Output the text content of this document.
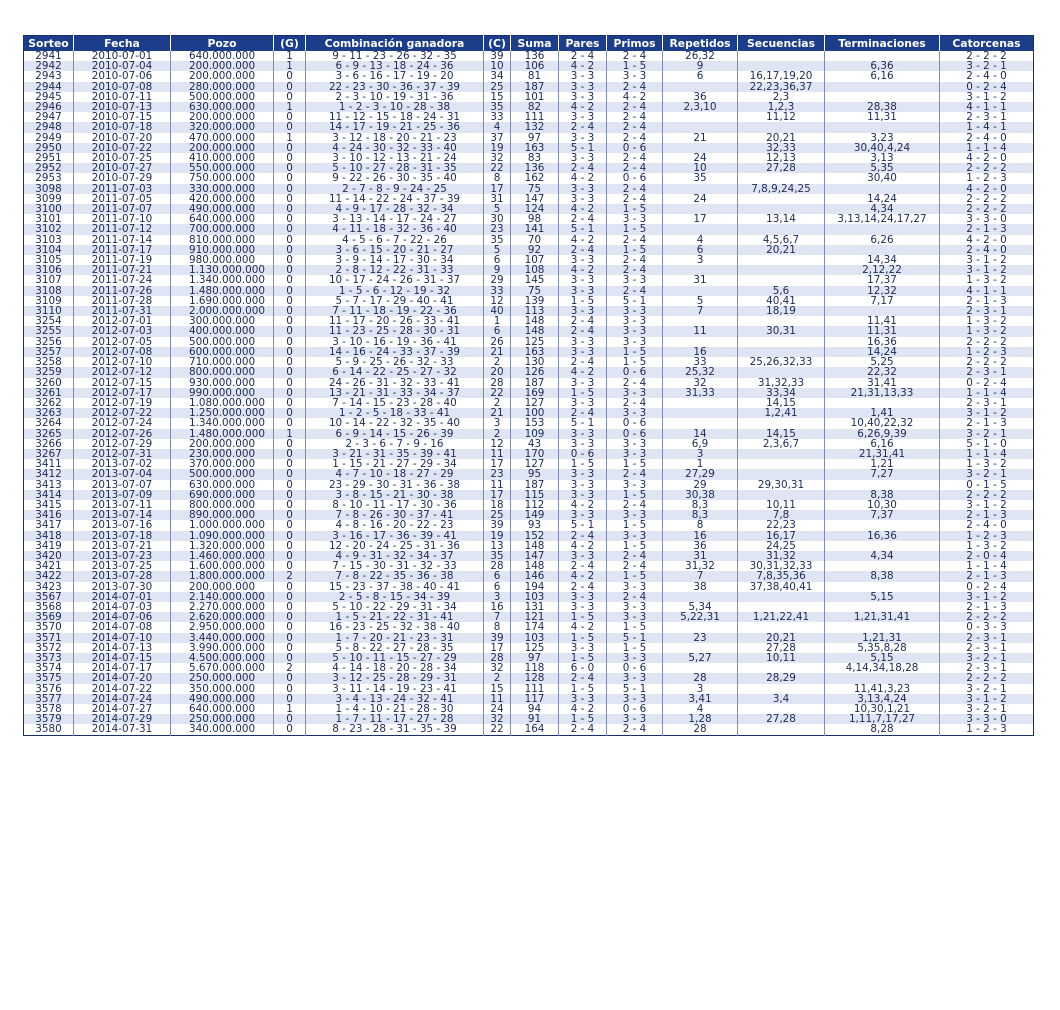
Sorteo	Fecha	Pozo	(G)	Combinación ganadora	(C)	Suma	Pares	Primos	Repetidos	Secuencias	Terminaciones	Catorcenas
2941	2010-07-01	640.000.000	1	9 - 11 - 23 - 26 - 32 - 35	39	136	2 - 4	2 - 4	26,32			2 - 2 - 2
2942	2010-07-04	200.000.000	1	6 - 9 - 13 - 18 - 24 - 36	10	106	4 - 2	1 - 5	9		6,36	3 - 2 - 1
2943	2010-07-06	200.000.000	0	3 - 6 - 16 - 17 - 19 - 20	34	81	3 - 3	3 - 3	6	16,17,19,20	6,16	2 - 4 - 0
2944	2010-07-08	280.000.000	0	22 - 23 - 30 - 36 - 37 - 39	25	187	3 - 3	2 - 4		22,23,36,37		0 - 2 - 4
2945	2010-07-11	500.000.000	0	2 - 3 - 10 - 19 - 31 - 36	15	101	3 - 3	4 - 2	36	2,3		3 - 1 - 2
2946	2010-07-13	630.000.000	1	1 - 2 - 3 - 10 - 28 - 38	35	82	4 - 2	2 - 4	2,3,10	1,2,3	28,38	4 - 1 - 1
2947	2010-07-15	200.000.000	0	11 - 12 - 15 - 18 - 24 - 31	33	111	3 - 3	2 - 4		11,12	11,31	2 - 3 - 1
2948	2010-07-18	320.000.000	0	14 - 17 - 19 - 21 - 25 - 36	4	132	2 - 4	2 - 4				1 - 4 - 1
2949	2010-07-20	470.000.000	1	3 - 12 - 18 - 20 - 21 - 23	37	97	3 - 3	2 - 4	21	20,21	3,23	2 - 4 - 0
2950	2010-07-22	200.000.000	0	4 - 24 - 30 - 32 - 33 - 40	19	163	5 - 1	0 - 6		32,33	30,40,4,24	1 - 1 - 4
2951	2010-07-25	410.000.000	0	3 - 10 - 12 - 13 - 21 - 24	32	83	3 - 3	2 - 4	24	12,13	3,13	4 - 2 - 0
2952	2010-07-27	550.000.000	0	5 - 10 - 27 - 28 - 31 - 35	22	136	2 - 4	2 - 4	10	27,28	5,35	2 - 2 - 2
2953	2010-07-29	750.000.000	0	9 - 22 - 26 - 30 - 35 - 40	8	162	4 - 2	0 - 6	35		30,40	1 - 2 - 3
3098	2011-07-03	330.000.000	0	2 - 7 - 8 - 9 - 24 - 25	17	75	3 - 3	2 - 4		7,8,9,24,25		4 - 2 - 0
3099	2011-07-05	420.000.000	0	11 - 14 - 22 - 24 - 37 - 39	31	147	3 - 3	2 - 4	24		14,24	2 - 2 - 2
3100	2011-07-07	490.000.000	0	4 - 9 - 17 - 28 - 32 - 34	5	124	4 - 2	1 - 5			4,34	2 - 2 - 2
3101	2011-07-10	640.000.000	0	3 - 13 - 14 - 17 - 24 - 27	30	98	2 - 4	3 - 3	17	13,14	3,13,14,24,17,27	3 - 3 - 0
3102	2011-07-12	700.000.000	0	4 - 11 - 18 - 32 - 36 - 40	23	141	5 - 1	1 - 5				2 - 1 - 3
3103	2011-07-14	810.000.000	0	4 - 5 - 6 - 7 - 22 - 26	35	70	4 - 2	2 - 4	4	4,5,6,7	6,26	4 - 2 - 0
3104	2011-07-17	910.000.000	0	3 - 6 - 15 - 20 - 21 - 27	5	92	2 - 4	1 - 5	6	20,21		2 - 4 - 0
3105	2011-07-19	980.000.000	0	3 - 9 - 14 - 17 - 30 - 34	6	107	3 - 3	2 - 4	3		14,34	3 - 1 - 2
3106	2011-07-21	1.130.000.000	0	2 - 8 - 12 - 22 - 31 - 33	9	108	4 - 2	2 - 4			2,12,22	3 - 1 - 2
3107	2011-07-24	1.340.000.000	0	10 - 17 - 24 - 26 - 31 - 37	29	145	3 - 3	3 - 3	31		17,37	1 - 3 - 2
3108	2011-07-26	1.480.000.000	0	1 - 5 - 6 - 12 - 19 - 32	33	75	3 - 3	2 - 4		5,6	12,32	4 - 1 - 1
3109	2011-07-28	1.690.000.000	0	5 - 7 - 17 - 29 - 40 - 41	12	139	1 - 5	5 - 1	5	40,41	7,17	2 - 1 - 3
3110	2011-07-31	2.000.000.000	0	7 - 11 - 18 - 19 - 22 - 36	40	113	3 - 3	3 - 3	7	18,19		2 - 3 - 1
3254	2012-07-01	300.000.000	0	11 - 17 - 20 - 26 - 33 - 41	1	148	2 - 4	3 - 3			11,41	1 - 3 - 2
3255	2012-07-03	400.000.000	0	11 - 23 - 25 - 28 - 30 - 31	6	148	2 - 4	3 - 3	11	30,31	11,31	1 - 3 - 2
3256	2012-07-05	500.000.000	0	3 - 10 - 16 - 19 - 36 - 41	26	125	3 - 3	3 - 3			16,36	2 - 2 - 2
3257	2012-07-08	600.000.000	0	14 - 16 - 24 - 33 - 37 - 39	21	163	3 - 3	1 - 5	16		14,24	1 - 2 - 3
3258	2012-07-10	710.000.000	0	5 - 9 - 25 - 26 - 32 - 33	2	130	2 - 4	1 - 5	33	25,26,32,33	5,25	2 - 2 - 2
3259	2012-07-12	800.000.000	0	6 - 14 - 22 - 25 - 27 - 32	20	126	4 - 2	0 - 6	25,32		22,32	2 - 3 - 1
3260	2012-07-15	930.000.000	0	24 - 26 - 31 - 32 - 33 - 41	28	187	3 - 3	2 - 4	32	31,32,33	31,41	0 - 2 - 4
3261	2012-07-17	990.000.000	0	13 - 21 - 31 - 33 - 34 - 37	22	169	1 - 5	3 - 3	31,33	33,34	21,31,13,33	1 - 1 - 4
3262	2012-07-19	1.080.000.000	0	7 - 14 - 15 - 23 - 28 - 40	2	127	3 - 3	2 - 4		14,15		2 - 3 - 1
3263	2012-07-22	1.250.000.000	0	1 - 2 - 5 - 18 - 33 - 41	21	100	2 - 4	3 - 3		1,2,41	1,41	3 - 1 - 2
3264	2012-07-24	1.340.000.000	0	10 - 14 - 22 - 32 - 35 - 40	3	153	5 - 1	0 - 6			10,40,22,32	2 - 1 - 3
3265	2012-07-26	1.480.000.000	1	6 - 9 - 14 - 15 - 26 - 39	2	109	3 - 3	0 - 6	14	14,15	6,26,9,39	3 - 2 - 1
3266	2012-07-29	200.000.000	0	2 - 3 - 6 - 7 - 9 - 16	12	43	3 - 3	3 - 3	6,9	2,3,6,7	6,16	5 - 1 - 0
3267	2012-07-31	230.000.000	0	3 - 21 - 31 - 35 - 39 - 41	11	170	0 - 6	3 - 3	3		21,31,41	1 - 1 - 4
3411	2013-07-02	370.000.000	0	1 - 15 - 21 - 27 - 29 - 34	17	127	1 - 5	1 - 5	1		1,21	1 - 3 - 2
3412	2013-07-04	500.000.000	0	4 - 7 - 10 - 18 - 27 - 29	23	95	3 - 3	2 - 4	27,29		7,27	3 - 2 - 1
3413	2013-07-07	630.000.000	0	23 - 29 - 30 - 31 - 36 - 38	11	187	3 - 3	3 - 3	29	29,30,31		0 - 1 - 5
3414	2013-07-09	690.000.000	0	3 - 8 - 15 - 21 - 30 - 38	17	115	3 - 3	1 - 5	30,38		8,38	2 - 2 - 2
3415	2013-07-11	800.000.000	0	8 - 10 - 11 - 17 - 30 - 36	18	112	4 - 2	2 - 4	8,3	10,11	10,30	3 - 1 - 2
3416	2013-07-14	890.000.000	0	7 - 8 - 26 - 30 - 37 - 41	25	149	3 - 3	3 - 3	8,3	7,8	7,37	2 - 1 - 3
3417	2013-07-16	1.000.000.000	0	4 - 8 - 16 - 20 - 22 - 23	39	93	5 - 1	1 - 5	8	22,23		2 - 4 - 0
3418	2013-07-18	1.090.000.000	0	3 - 16 - 17 - 36 - 39 - 41	19	152	2 - 4	3 - 3	16	16,17	16,36	1 - 2 - 3
3419	2013-07-21	1.320.000.000	0	12 - 20 - 24 - 25 - 31 - 36	13	148	4 - 2	1 - 5	36	24,25		1 - 3 - 2
3420	2013-07-23	1.460.000.000	0	4 - 9 - 31 - 32 - 34 - 37	35	147	3 - 3	2 - 4	31	31,32	4,34	2 - 0 - 4
3421	2013-07-25	1.600.000.000	0	7 - 15 - 30 - 31 - 32 - 33	28	148	2 - 4	2 - 4	31,32	30,31,32,33		1 - 1 - 4
3422	2013-07-28	1.800.000.000	2	7 - 8 - 22 - 35 - 36 - 38	6	146	4 - 2	1 - 5	7	7,8,35,36	8,38	2 - 1 - 3
3423	2013-07-30	200.000.000	0	15 - 23 - 37 - 38 - 40 - 41	6	194	2 - 4	3 - 3	38	37,38,40,41		0 - 2 - 4
3567	2014-07-01	2.140.000.000	0	2 - 5 - 8 - 15 - 34 - 39	3	103	3 - 3	2 - 4			5,15	3 - 1 - 2
3568	2014-07-03	2.270.000.000	0	5 - 10 - 22 - 29 - 31 - 34	16	131	3 - 3	3 - 3	5,34			2 - 1 - 3
3569	2014-07-06	2.620.000.000	0	1 - 5 - 21 - 22 - 31 - 41	7	121	1 - 5	3 - 3	5,22,31	1,21,22,41	1,21,31,41	2 - 2 - 2
3570	2014-07-08	2.950.000.000	0	16 - 23 - 25 - 32 - 38 - 40	8	174	4 - 2	1 - 5				0 - 3 - 3
3571	2014-07-10	3.440.000.000	0	1 - 7 - 20 - 21 - 23 - 31	39	103	1 - 5	5 - 1	23	20,21	1,21,31	2 - 3 - 1
3572	2014-07-13	3.990.000.000	0	5 - 8 - 22 - 27 - 28 - 35	17	125	3 - 3	1 - 5		27,28	5,35,8,28	2 - 3 - 1
3573	2014-07-15	4.500.000.000	0	5 - 10 - 11 - 15 - 27 - 29	28	97	1 - 5	3 - 3	5,27	10,11	5,15	3 - 2 - 1
3574	2014-07-17	5.670.000.000	2	4 - 14 - 18 - 20 - 28 - 34	32	118	6 - 0	0 - 6			4,14,34,18,28	2 - 3 - 1
3575	2014-07-20	250.000.000	0	3 - 12 - 25 - 28 - 29 - 31	2	128	2 - 4	3 - 3	28	28,29		2 - 2 - 2
3576	2014-07-22	350.000.000	0	3 - 11 - 14 - 19 - 23 - 41	15	111	1 - 5	5 - 1	3		11,41,3,23	3 - 2 - 1
3577	2014-07-24	490.000.000	0	3 - 4 - 13 - 24 - 32 - 41	11	117	3 - 3	3 - 3	3,41	3,4	3,13,4,24	3 - 1 - 2
3578	2014-07-27	640.000.000	1	1 - 4 - 10 - 21 - 28 - 30	24	94	4 - 2	0 - 6	4		10,30,1,21	3 - 2 - 1
3579	2014-07-29	250.000.000	0	1 - 7 - 11 - 17 - 27 - 28	32	91	1 - 5	3 - 3	1,28	27,28	1,11,7,17,27	3 - 3 - 0
3580	2014-07-31	340.000.000	0	8 - 23 - 28 - 31 - 35 - 39	22	164	2 - 4	2 - 4	28		8,28	1 - 2 - 3
